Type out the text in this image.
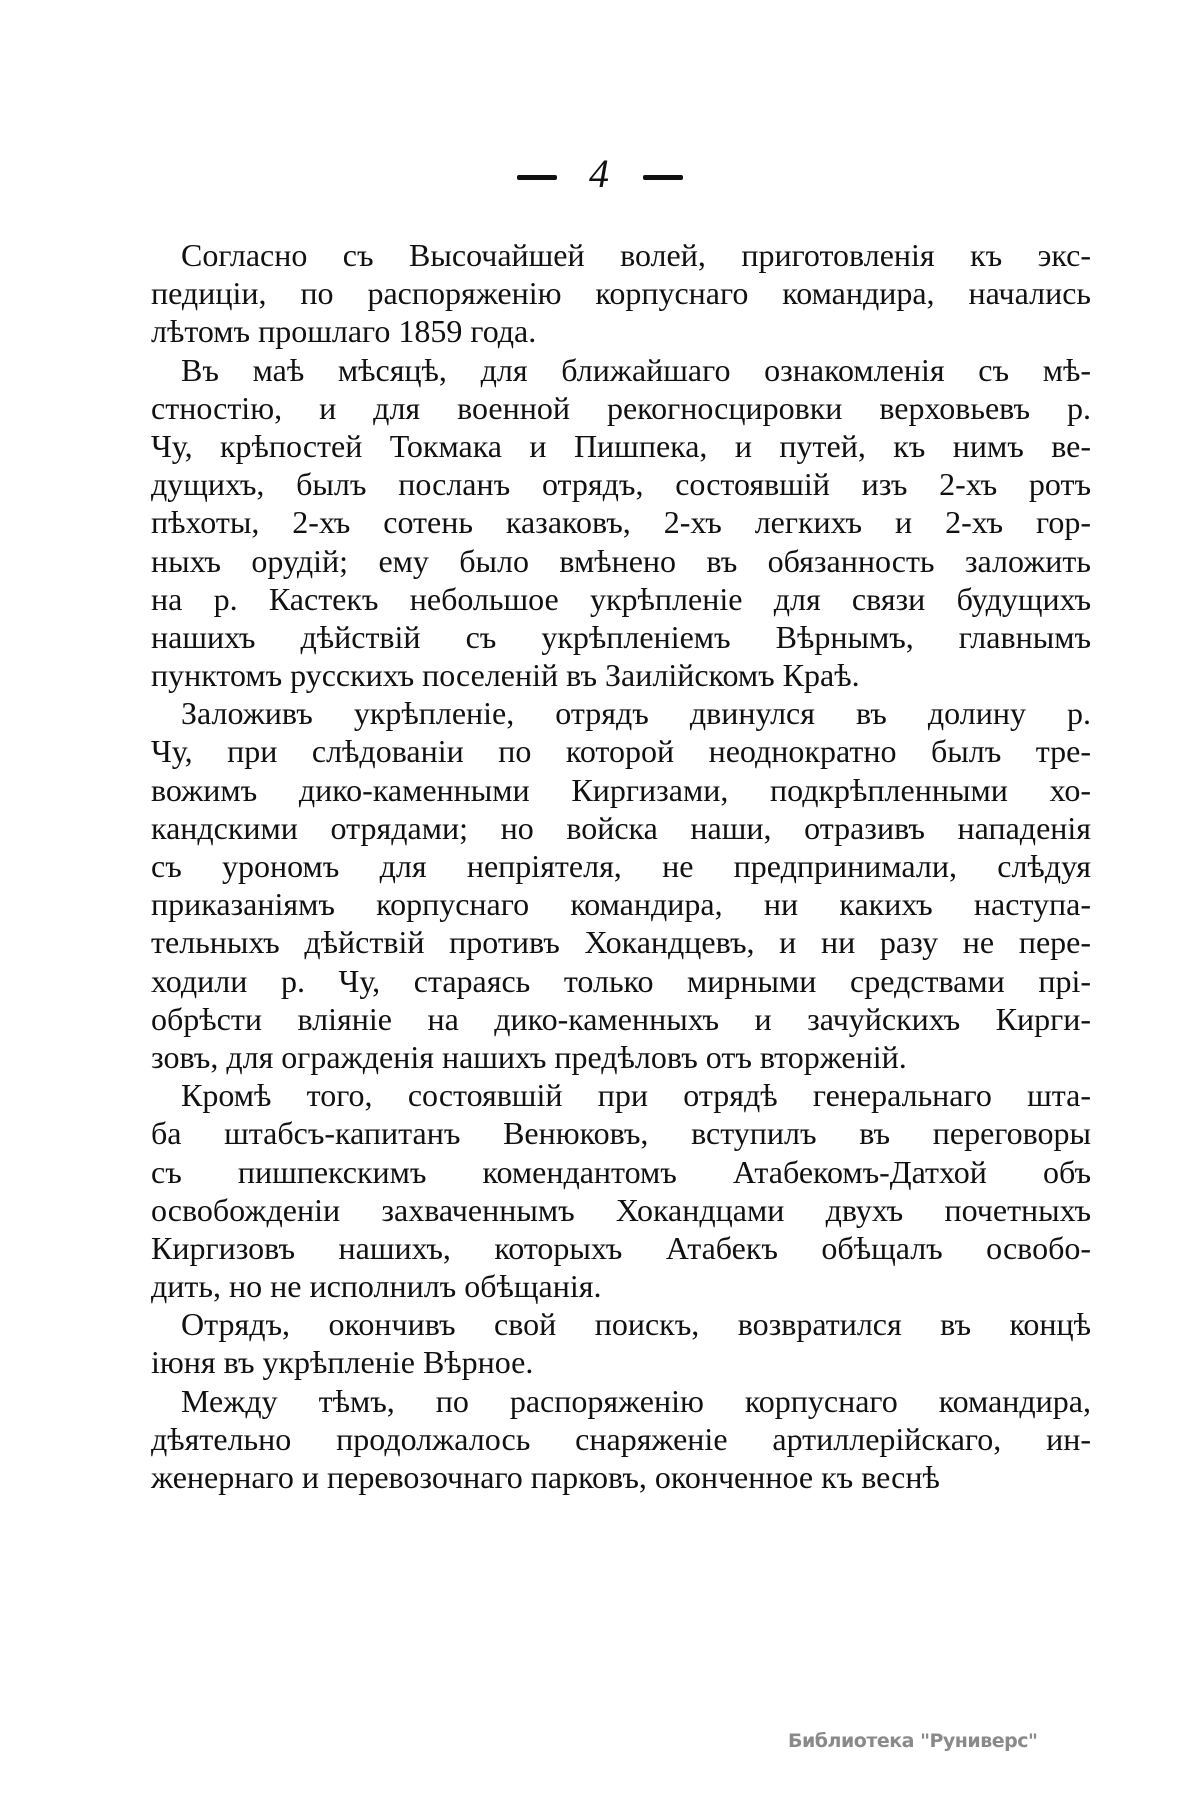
4
Согласно съ Высочайшей волей, приготовленія къ экс-
педиціи, по распоряженію корпуснаго командира, начались
лѣтомъ прошлаго 1859 года.
Въ маѣ мѣсяцѣ, для ближайшаго ознакомленія съ мѣ-
стностію, и для военной рекогносцировки верховьевъ р.
Чу, крѣпостей Токмака и Пишпека, и путей, къ нимъ ве-
дущихъ, былъ посланъ отрядъ, состоявшій изъ 2-хъ ротъ
пѣхоты, 2-хъ сотень казаковъ, 2-хъ легкихъ и 2-хъ гор-
ныхъ орудій; ему было вмѣнено въ обязанность заложить
на р. Кастекъ небольшое укрѣпленіе для связи будущихъ
нашихъ дѣйствій съ укрѣпленіемъ Вѣрнымъ, главнымъ
пунктомъ русскихъ поселеній въ Заилійскомъ Краѣ.
Заложивъ укрѣпленіе, отрядъ двинулся въ долину р.
Чу, при слѣдованіи по которой неоднократно былъ тре-
вожимъ дико-каменными Киргизами, подкрѣпленными хо-
кандскими отрядами; но войска наши, отразивъ нападенія
съ урономъ для непріятеля, не предпринимали, слѣдуя
приказаніямъ корпуснаго командира, ни какихъ наступа-
тельныхъ дѣйствій противъ Хокандцевъ, и ни разу не пере-
ходили р. Чу, стараясь только мирными средствами прі-
обрѣсти вліяніе на дико-каменныхъ и зачуйскихъ Кирги-
зовъ, для огражденія нашихъ предѣловъ отъ вторженій.
Кромѣ того, состоявшій при отрядѣ генеральнаго шта-
ба штабсъ-капитанъ Венюковъ, вступилъ въ переговоры
съ пишпекскимъ комендантомъ Атабекомъ-Датхой объ
освобожденіи захваченнымъ Хокандцами двухъ почетныхъ
Киргизовъ нашихъ, которыхъ Атабекъ обѣщалъ освобо-
дить, но не исполнилъ обѣщанія.
Отрядъ, окончивъ свой поискъ, возвратился въ концѣ
іюня въ укрѣпленіе Вѣрное.
Между тѣмъ, по распоряженію корпуснаго командира,
дѣятельно продолжалось снаряженіе артиллерійскаго, ин-
женернаго и перевозочнаго парковъ, оконченное къ веснѣ
Библиотека "Руниверс"
